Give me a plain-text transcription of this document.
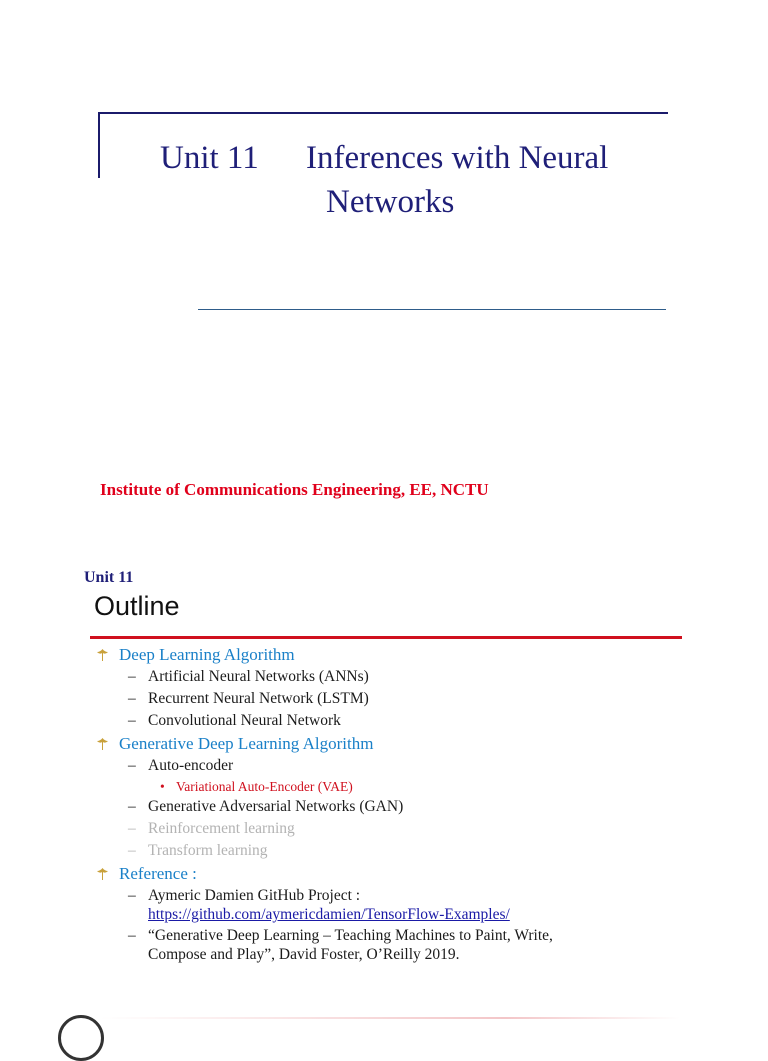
Unit 11 Inferences with Neural
Networks
Institute of Communications Engineering, EE, NCTU
Unit 11
Outline
Deep Learning Algorithm
– Artificial Neural Networks (ANNs)
– Recurrent Neural Network (LSTM)
– Convolutional Neural Network
Generative Deep Learning Algorithm
– Auto-encoder
• Variational Auto-Encoder (VAE)
– Generative Adversarial Networks (GAN)
– Reinforcement learning
– Transform learning
Reference :
– Aymeric Damien GitHub Project :
https://github.com/aymericdamien/TensorFlow-Examples/
– “Generative Deep Learning – Teaching Machines to Paint, Write,
Compose and Play”, David Foster, O’Reilly 2019.
